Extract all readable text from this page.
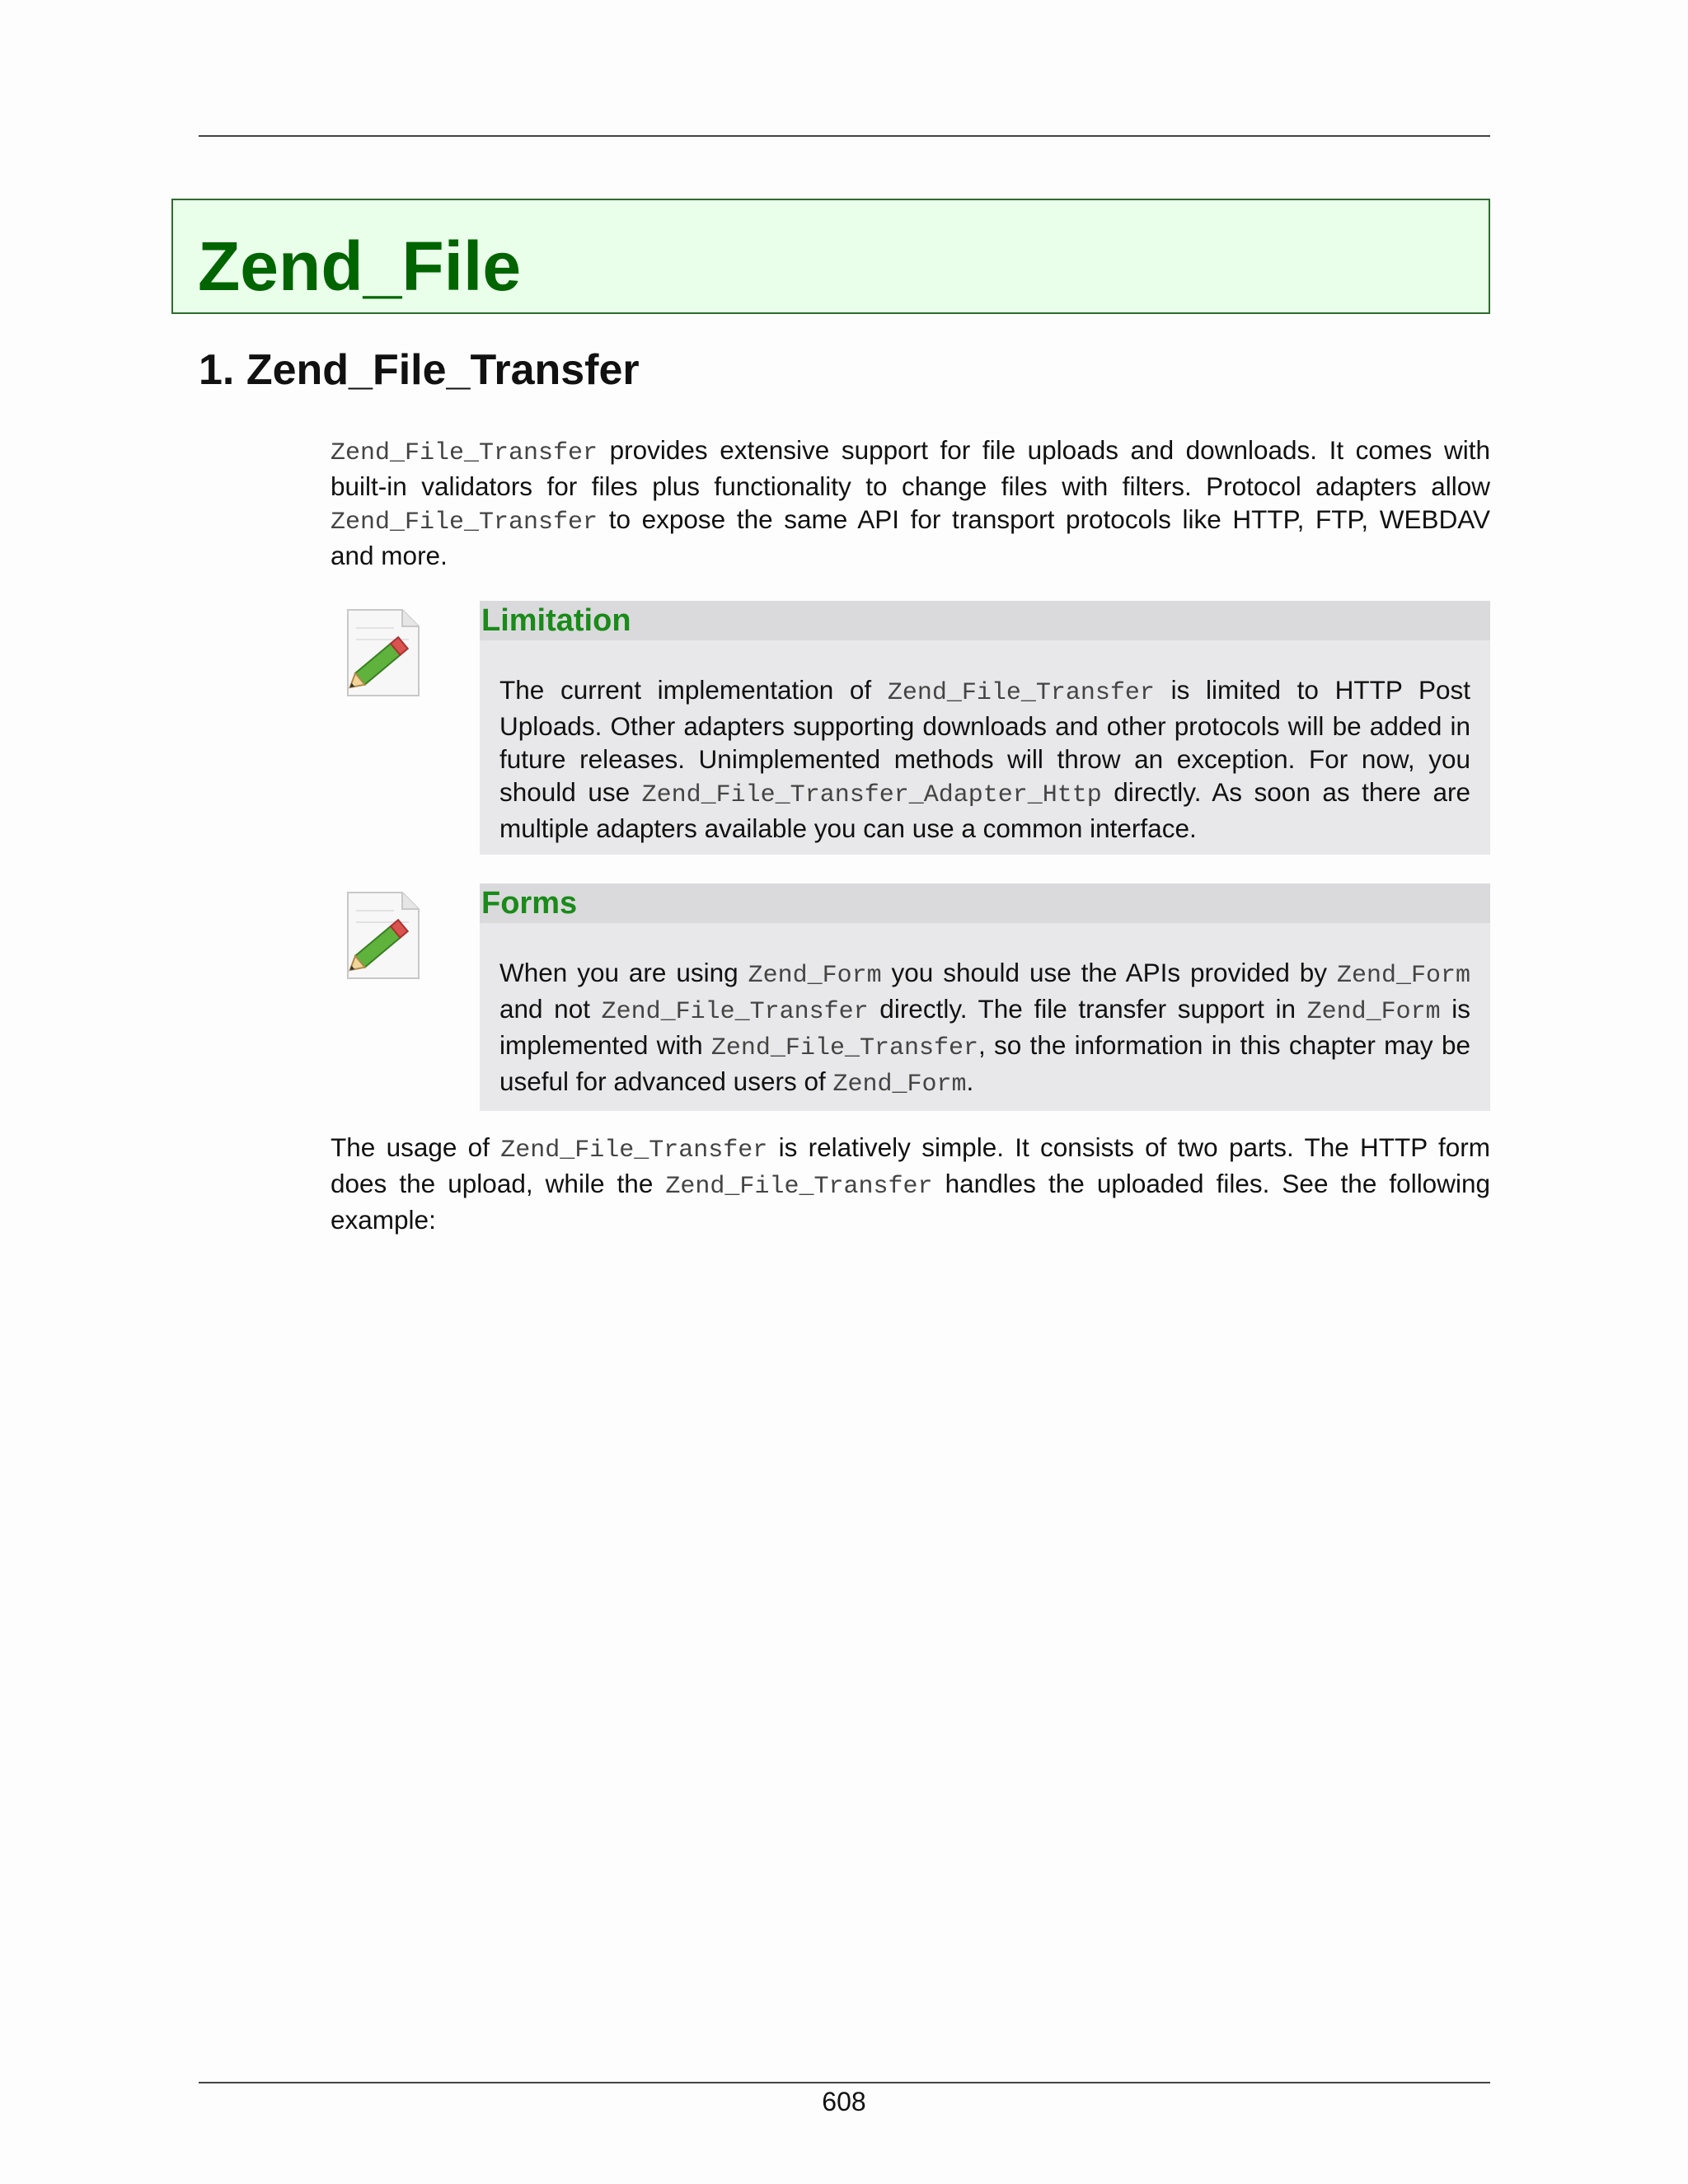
Zend_File
1. Zend_File_Transfer

Zend_File_Transfer provides extensive support for file uploads and downloads. It comes with built-in validators for files plus functionality to change files with filters. Protocol adapters allow Zend_File_Transfer to expose the same API for transport protocols like HTTP, FTP, WEBDAV and more.

Limitation
The current implementation of Zend_File_Transfer is limited to HTTP Post Uploads. Other adapters supporting downloads and other protocols will be added in future releases. Unimplemented methods will throw an exception. For now, you should use Zend_File_Transfer_Adapter_Http directly. As soon as there are multiple adapters available you can use a common interface.
Forms
When you are using Zend_Form you should use the APIs provided by Zend_Form and not Zend_File_Transfer directly. The file transfer support in Zend_Form is implemented with Zend_File_Transfer, so the information in this chapter may be useful for advanced users of Zend_Form.

The usage of Zend_File_Transfer is relatively simple. It consists of two parts. The HTTP form does the upload, while the Zend_File_Transfer handles the uploaded files. See the following example:

608
